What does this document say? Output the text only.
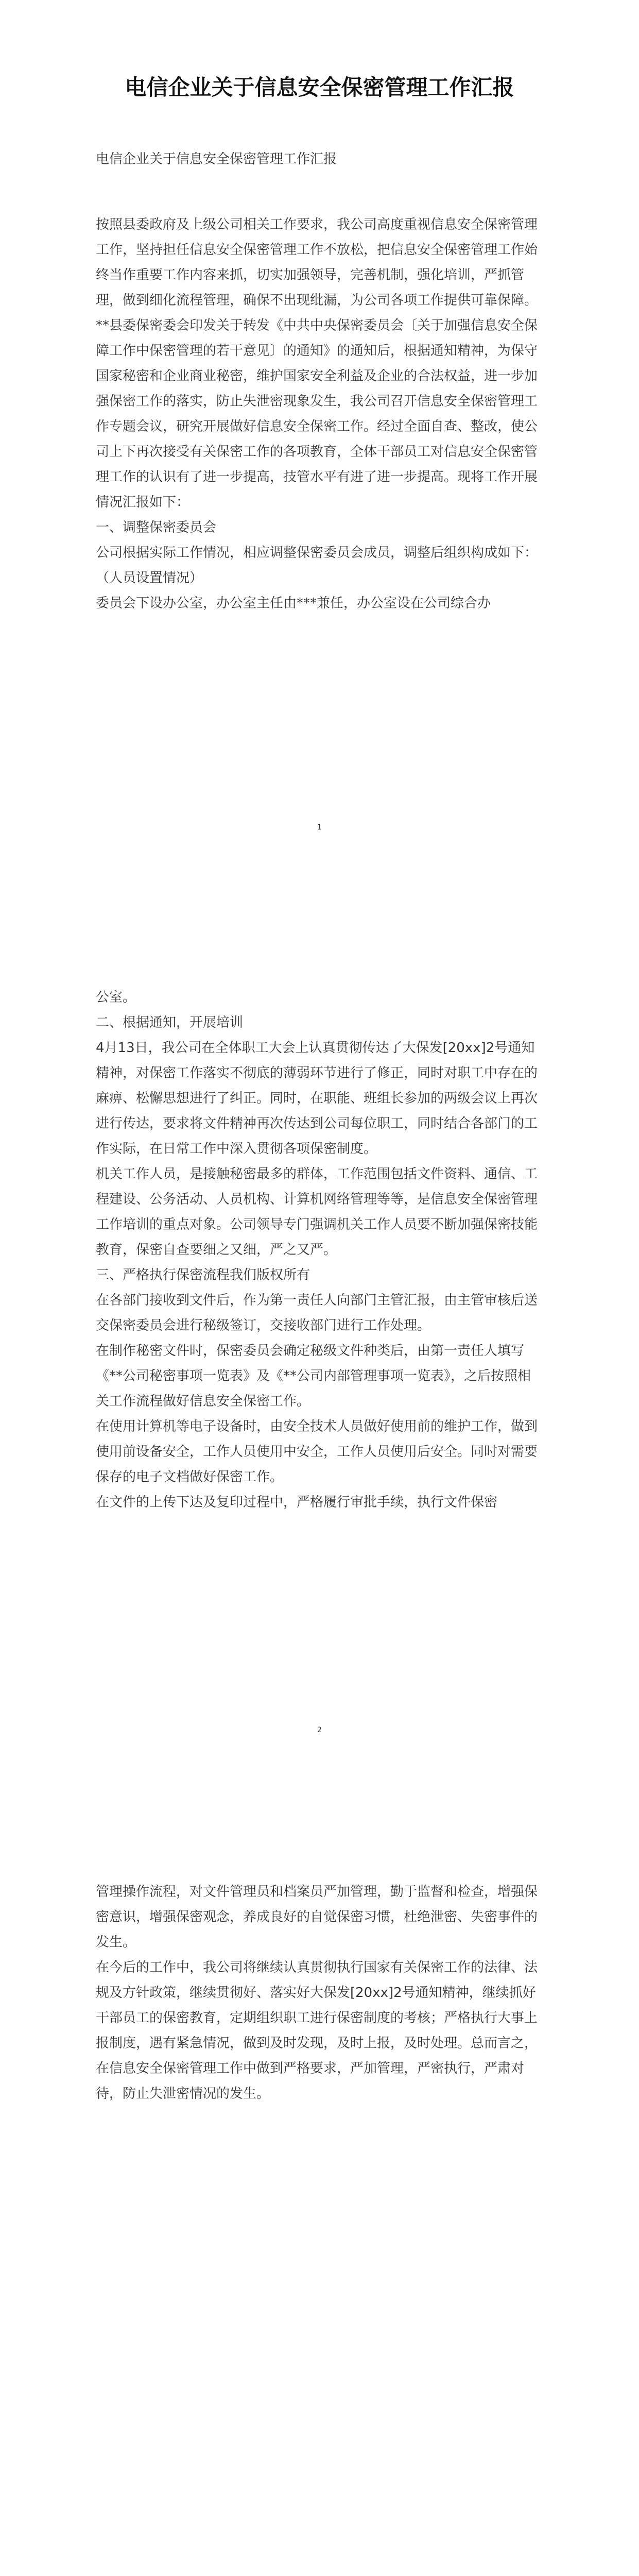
电信企业关于信息安全保密管理工作汇报
电信企业关于信息安全保密管理工作汇报

按照县委政府及上级公司相关工作要求，我公司高度重视信息安全保密管理工作，坚持担任信息安全保密管理工作不放松，把信息安全保密管理工作始终当作重要工作内容来抓，切实加强领导，完善机制，强化培训，严抓管理，做到细化流程管理，确保不出现纰漏，为公司各项工作提供可靠保障。

**县委保密委会印发关于转发《中共中央保密委员会〔关于加强信息安全保障工作中保密管理的若干意见〕的通知》的通知后，根据通知精神，为保守国家秘密和企业商业秘密，维护国家安全利益及企业的合法权益，进一步加强保密工作的落实，防止失泄密现象发生，我公司召开信息安全保密管理工作专题会议，研究开展做好信息安全保密工作。经过全面自查、整改，使公司上下再次接受有关保密工作的各项教育，全体干部员工对信息安全保密管理工作的认识有了进一步提高，技管水平有进了进一步提高。现将工作开展情况汇报如下：

一、调整保密委员会

公司根据实际工作情况，相应调整保密委员会成员，调整后组织构成如下：

（人员设置情况）

委员会下设办公室，办公室主任由***兼任，办公室设在公司综合办

1

公室。

二、根据通知，开展培训

4月13日，我公司在全体职工大会上认真贯彻传达了大保发[20xx]2号通知精神，对保密工作落实不彻底的薄弱环节进行了修正，同时对职工中存在的麻痹、松懈思想进行了纠正。同时，在职能、班组长参加的两级会议上再次进行传达，要求将文件精神再次传达到公司每位职工，同时结合各部门的工作实际，在日常工作中深入贯彻各项保密制度。

机关工作人员，是接触秘密最多的群体，工作范围包括文件资料、通信、工程建设、公务活动、人员机构、计算机网络管理等等，是信息安全保密管理工作培训的重点对象。公司领导专门强调机关工作人员要不断加强保密技能教育，保密自查要细之又细，严之又严。

三、严格执行保密流程我们版权所有

在各部门接收到文件后，作为第一责任人向部门主管汇报，由主管审核后送交保密委员会进行秘级签订，交接收部门进行工作处理。

在制作秘密文件时，保密委员会确定秘级文件种类后，由第一责任人填写《**公司秘密事项一览表》及《**公司内部管理事项一览表》，之后按照相关工作流程做好信息安全保密工作。

在使用计算机等电子设备时，由安全技术人员做好使用前的维护工作，做到使用前设备安全，工作人员使用中安全，工作人员使用后安全。同时对需要保存的电子文档做好保密工作。

在文件的上传下达及复印过程中，严格履行审批手续，执行文件保密

2

管理操作流程，对文件管理员和档案员严加管理，勤于监督和检查，增强保密意识，增强保密观念，养成良好的自觉保密习惯，杜绝泄密、失密事件的发生。

在今后的工作中，我公司将继续认真贯彻执行国家有关保密工作的法律、法规及方针政策，继续贯彻好、落实好大保发[20xx]2号通知精神，继续抓好干部员工的保密教育，定期组织职工进行保密制度的考核；严格执行大事上报制度，遇有紧急情况，做到及时发现，及时上报，及时处理。总而言之，在信息安全保密管理工作中做到严格要求，严加管理，严密执行，严肃对待，防止失泄密情况的发生。
